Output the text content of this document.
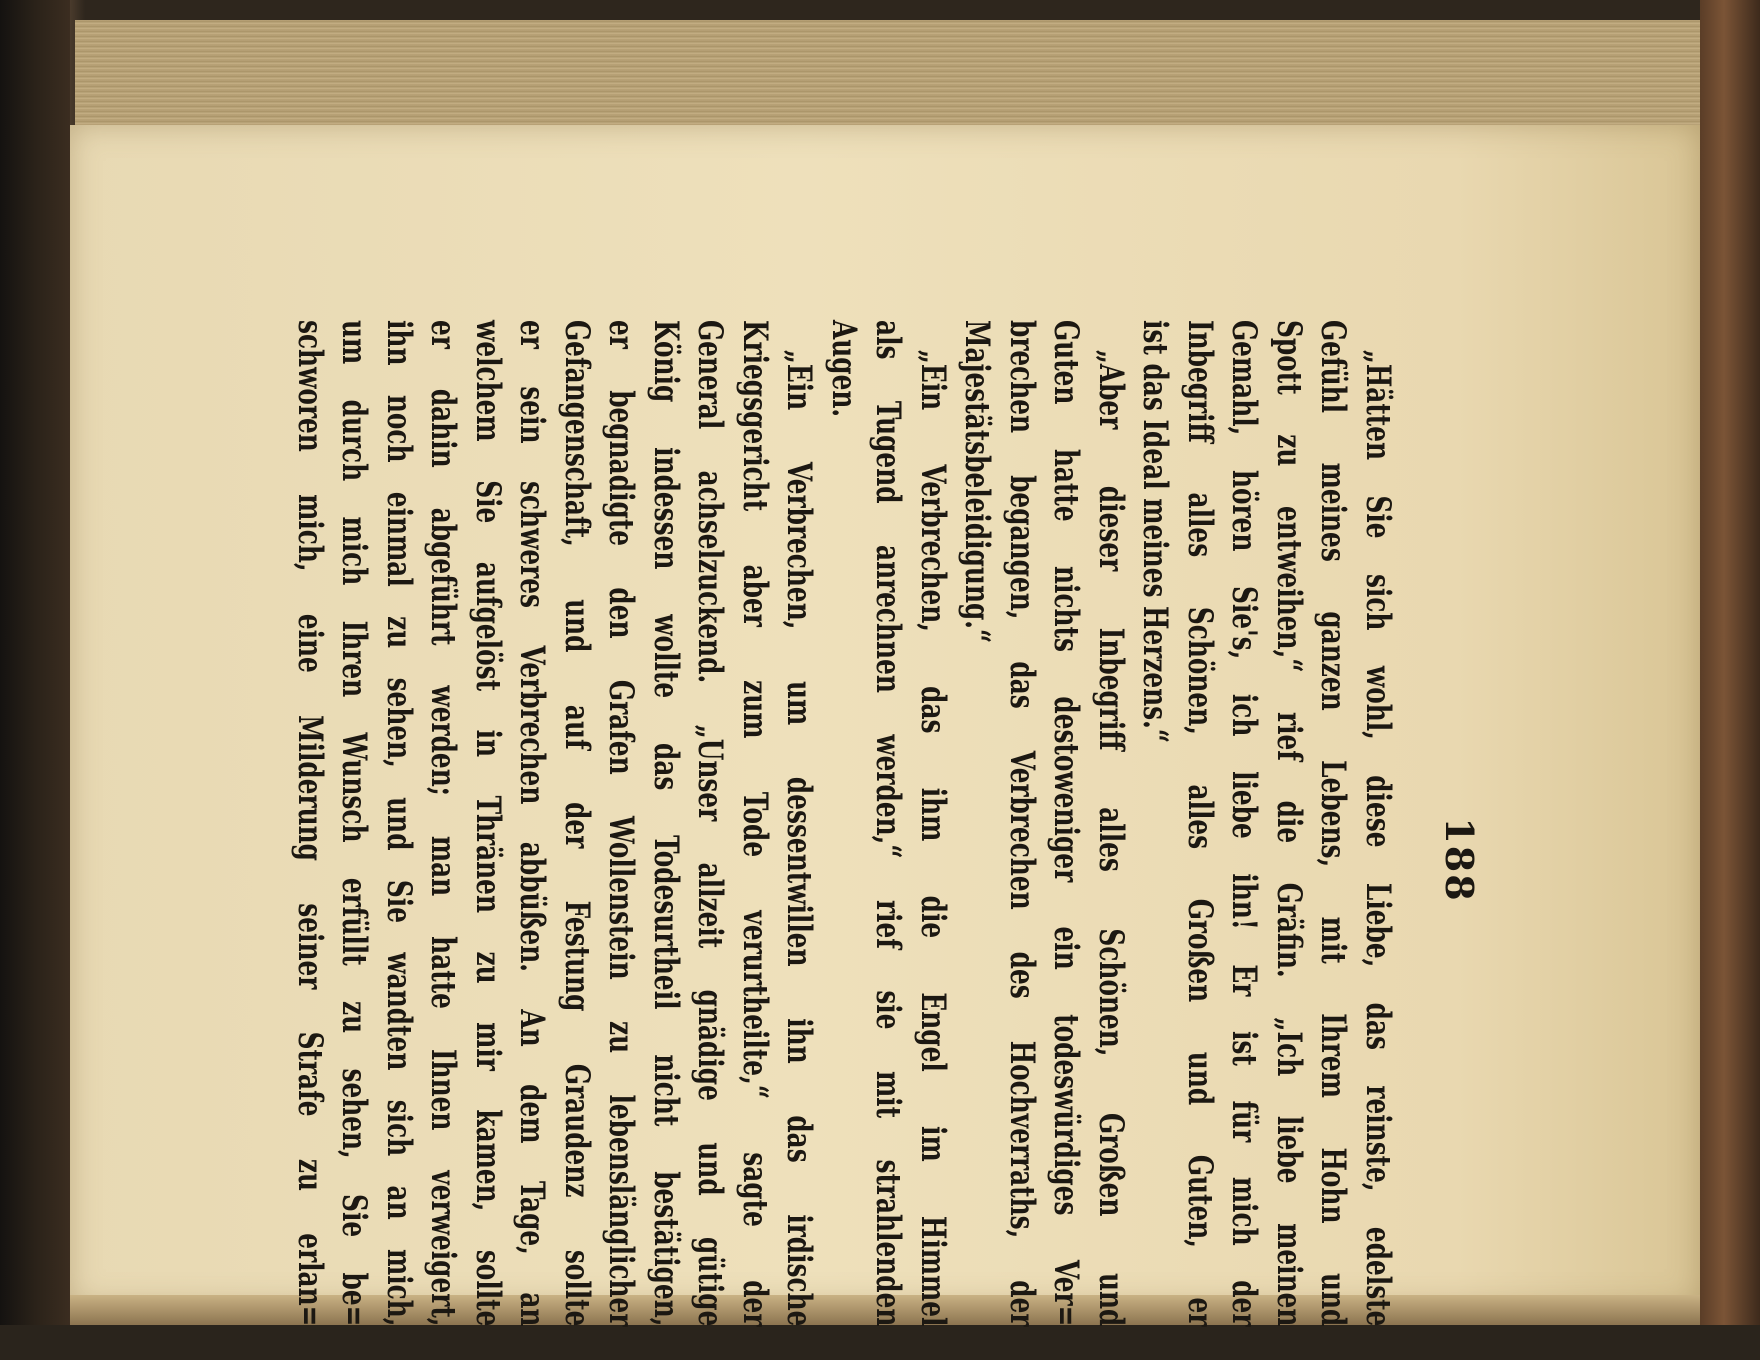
188
„Hätten Sie sich wohl, diese Liebe, das reinste, edelste
Gefühl meines ganzen Lebens, mit Ihrem Hohn und
Spott zu entweihen,“ rief die Gräfin. „Ich liebe meinen
Gemahl, hören Sie's, ich liebe ihn! Er ist für mich der
Inbegriff alles Schönen, alles Großen und Guten, er
ist das Ideal meines Herzens.“
„Aber dieser Inbegriff alles Schönen, Großen und
Guten hatte nichts destoweniger ein todeswürdiges Ver=
brechen begangen, das Verbrechen des Hochverraths, der
Majestätsbeleidigung.“
„Ein Verbrechen, das ihm die Engel im Himmel
als Tugend anrechnen werden,“ rief sie mit strahlenden
Augen.
„Ein Verbrechen, um dessentwillen ihn das irdische
Kriegsgericht aber zum Tode verurtheilte,“ sagte der
General achselzuckend. „Unser allzeit gnädige und gütige
König indessen wollte das Todesurtheil nicht bestätigen,
er begnadigte den Grafen Wollenstein zu lebenslänglicher
Gefangenschaft, und auf der Festung Graudenz sollte
er sein schweres Verbrechen abbüßen. An dem Tage, an
welchem Sie aufgelöst in Thränen zu mir kamen, sollte
er dahin abgeführt werden; man hatte Ihnen verweigert,
ihn noch einmal zu sehen, und Sie wandten sich an mich,
um durch mich Ihren Wunsch erfüllt zu sehen, Sie be=
schworen mich, eine Milderung seiner Strafe zu erlan=
